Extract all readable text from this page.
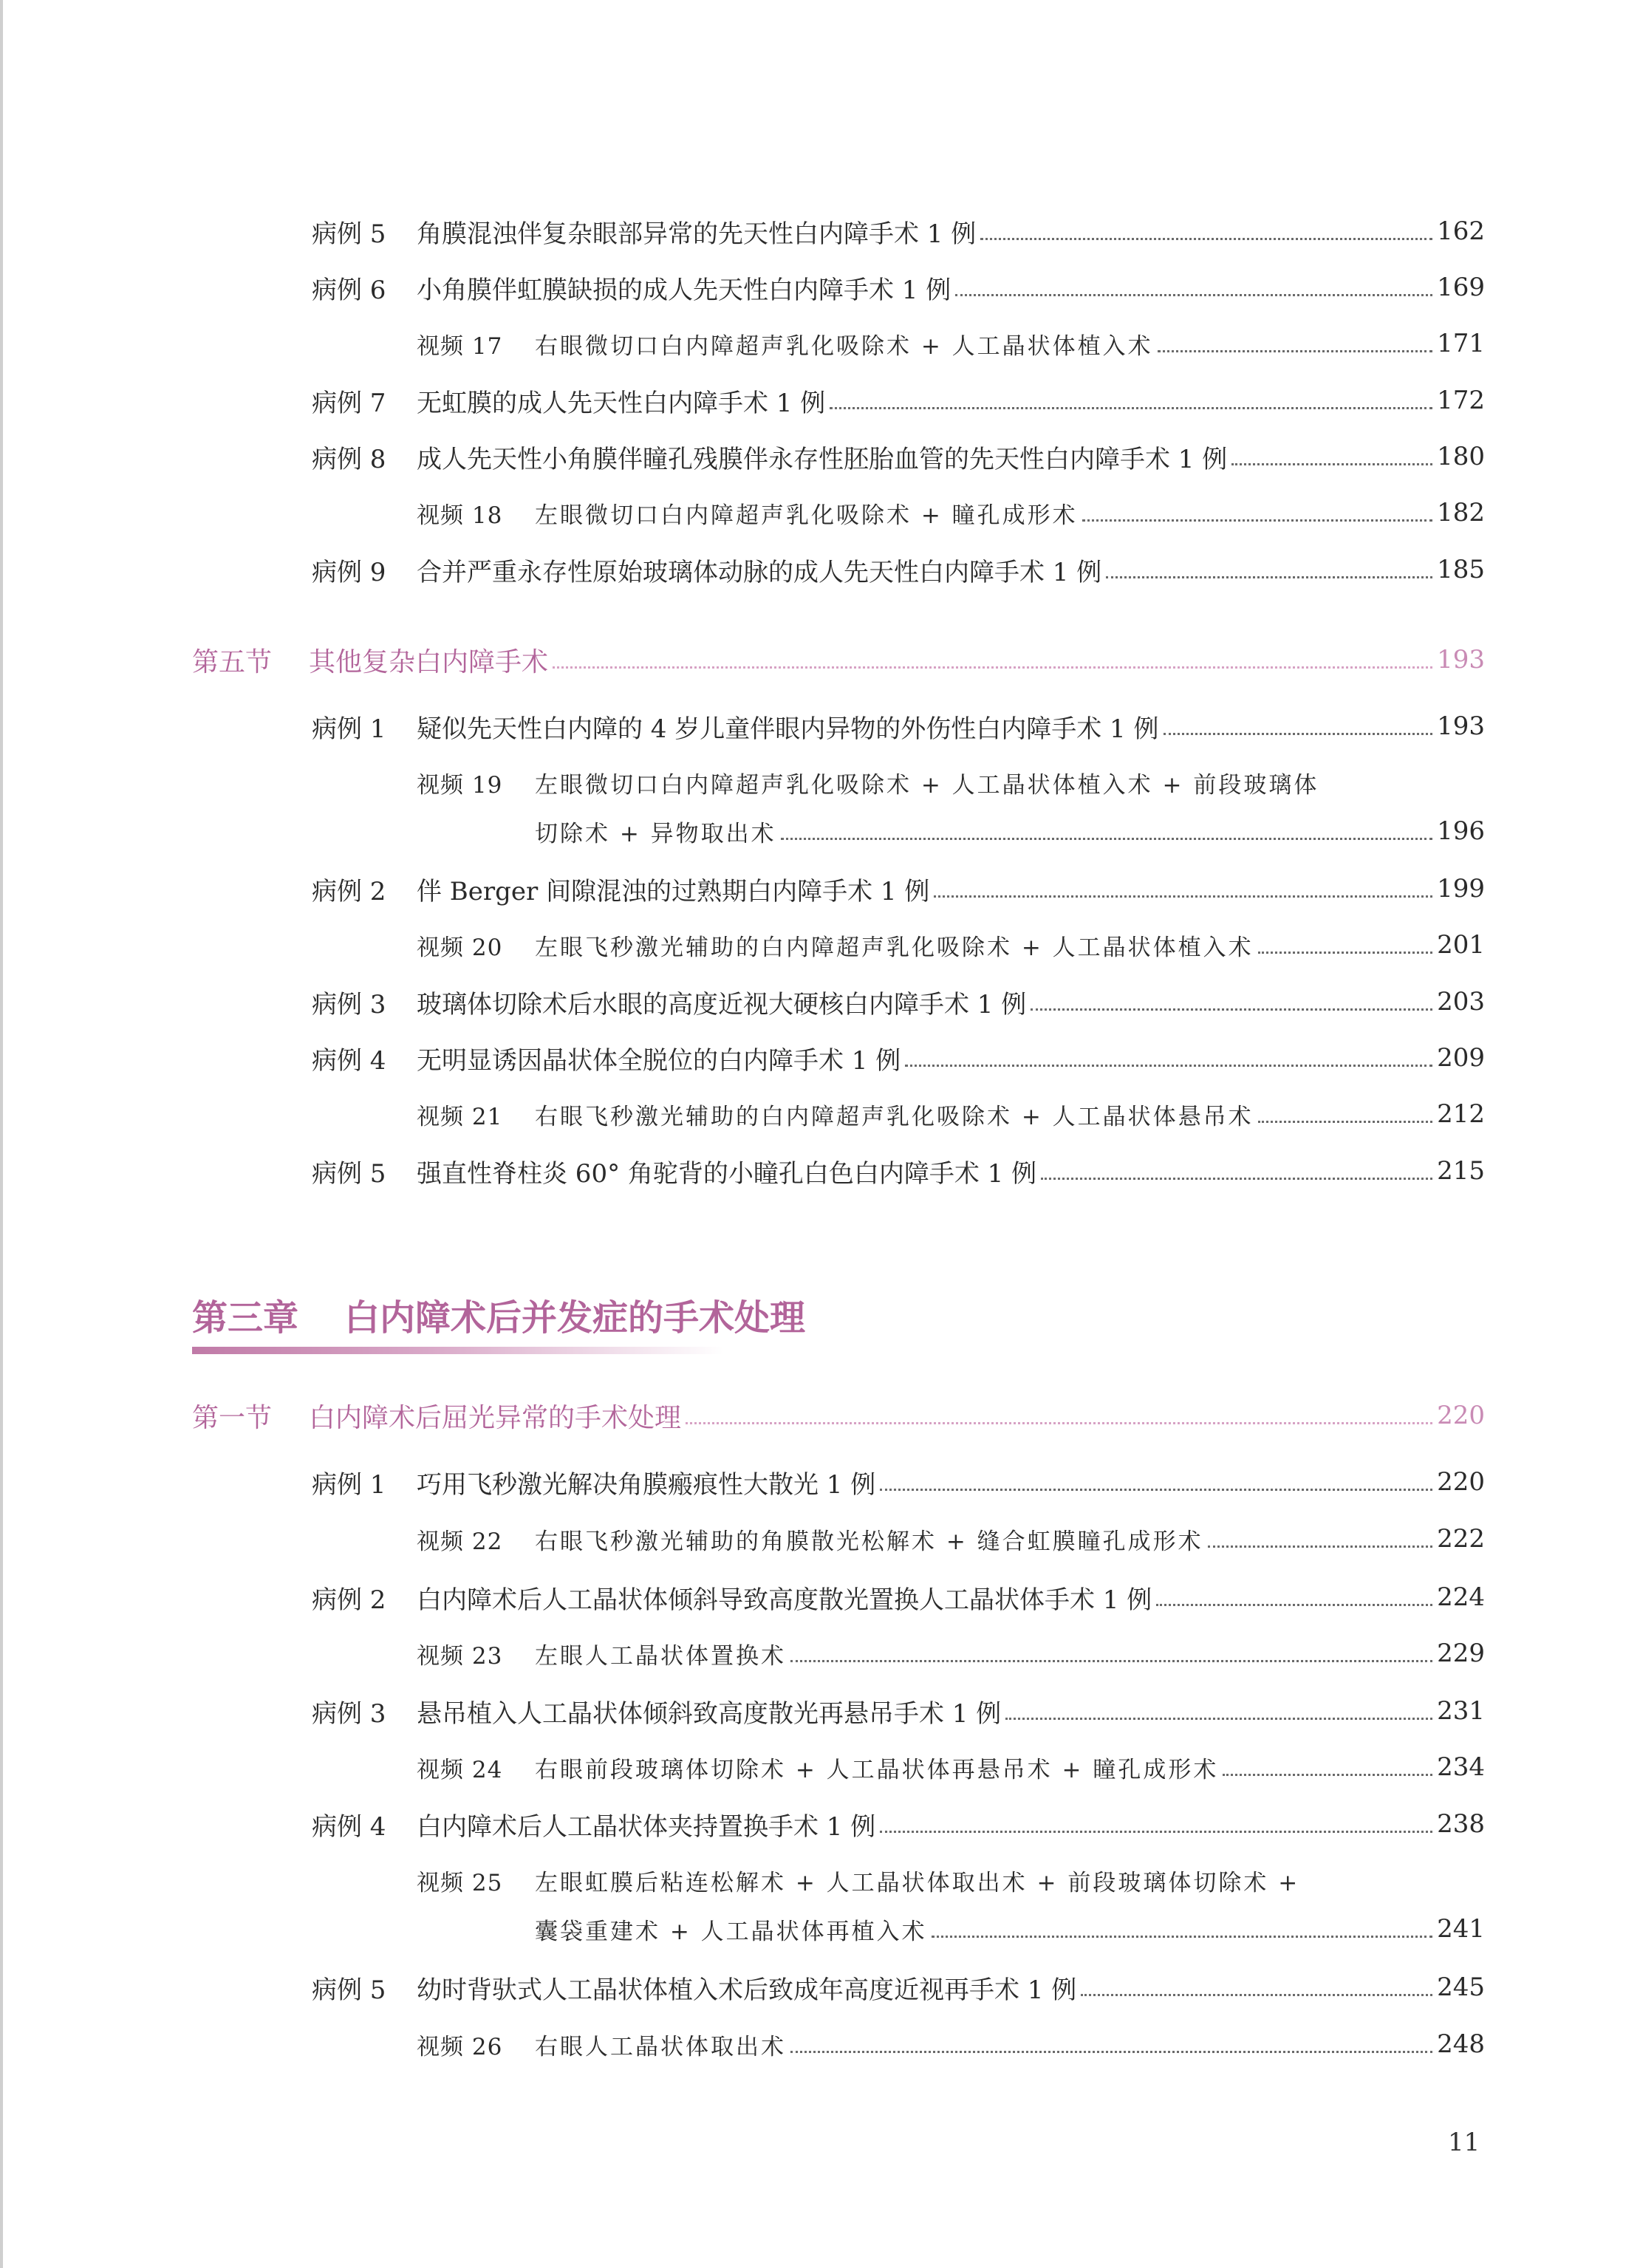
病例 5	角膜混浊伴复杂眼部异常的先天性白内障手术 1 例	162
病例 6	小角膜伴虹膜缺损的成人先天性白内障手术 1 例	169
视频 17	右眼微切口白内障超声乳化吸除术 + 人工晶状体植入术	171
病例 7	无虹膜的成人先天性白内障手术 1 例	172
病例 8	成人先天性小角膜伴瞳孔残膜伴永存性胚胎血管的先天性白内障手术 1 例	180
视频 18	左眼微切口白内障超声乳化吸除术 + 瞳孔成形术	182
病例 9	合并严重永存性原始玻璃体动脉的成人先天性白内障手术 1 例	185
第五节	其他复杂白内障手术	193
病例 1	疑似先天性白内障的 4 岁儿童伴眼内异物的外伤性白内障手术 1 例	193
视频 19	左眼微切口白内障超声乳化吸除术 + 人工晶状体植入术 + 前段玻璃体
切除术 + 异物取出术	196
病例 2	伴 Berger 间隙混浊的过熟期白内障手术 1 例	199
视频 20	左眼飞秒激光辅助的白内障超声乳化吸除术 + 人工晶状体植入术	201
病例 3	玻璃体切除术后水眼的高度近视大硬核白内障手术 1 例	203
病例 4	无明显诱因晶状体全脱位的白内障手术 1 例	209
视频 21	右眼飞秒激光辅助的白内障超声乳化吸除术 + 人工晶状体悬吊术	212
病例 5	强直性脊柱炎 60° 角驼背的小瞳孔白色白内障手术 1 例	215
第三章 白内障术后并发症的手术处理
第一节	白内障术后屈光异常的手术处理	220
病例 1	巧用飞秒激光解决角膜瘢痕性大散光 1 例	220
视频 22	右眼飞秒激光辅助的角膜散光松解术 + 缝合虹膜瞳孔成形术	222
病例 2	白内障术后人工晶状体倾斜导致高度散光置换人工晶状体手术 1 例	224
视频 23	左眼人工晶状体置换术	229
病例 3	悬吊植入人工晶状体倾斜致高度散光再悬吊手术 1 例	231
视频 24	右眼前段玻璃体切除术 + 人工晶状体再悬吊术 + 瞳孔成形术	234
病例 4	白内障术后人工晶状体夹持置换手术 1 例	238
视频 25	左眼虹膜后粘连松解术 + 人工晶状体取出术 + 前段玻璃体切除术 +
囊袋重建术 + 人工晶状体再植入术	241
病例 5	幼时背驮式人工晶状体植入术后致成年高度近视再手术 1 例	245
视频 26	右眼人工晶状体取出术	248
11
